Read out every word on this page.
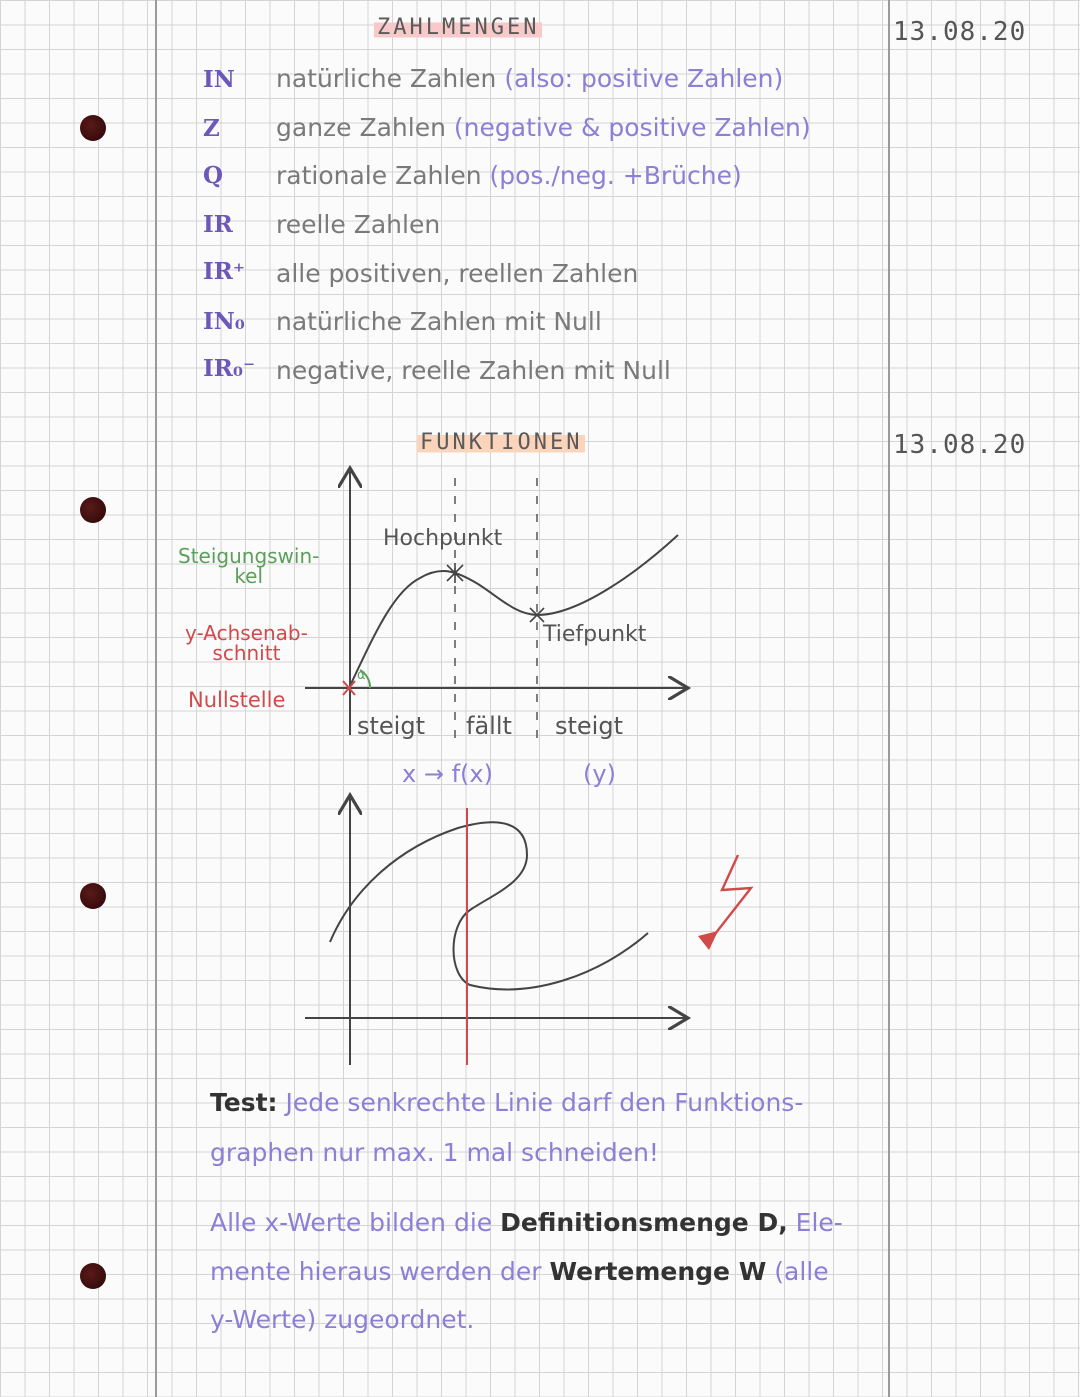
13.08.20
13.08.20
ZAHLMENGEN
IN natürliche Zahlen (also: positive Zahlen)
Z ganze Zahlen (negative & positive Zahlen)
Q rationale Zahlen (pos./neg. +Brüche)
IR reelle Zahlen
IR⁺ alle positiven, reellen Zahlen
IN₀ natürliche Zahlen mit Null
IR₀⁻ negative, reelle Zahlen mit Null
FUNKTIONEN
Hochpunkt
Tiefpunkt
Steigungswin-
kel
y-Achsenab-
schnitt
Nullstelle
α
steigt fällt steigt
x → f(x)	(y)
Test: Jede senkrechte Linie darf den Funktions-
graphen nur max. 1 mal schneiden!
Alle x-Werte bilden die Definitionsmenge D, Ele-
mente hieraus werden der Wertemenge W (alle
y-Werte) zugeordnet.
